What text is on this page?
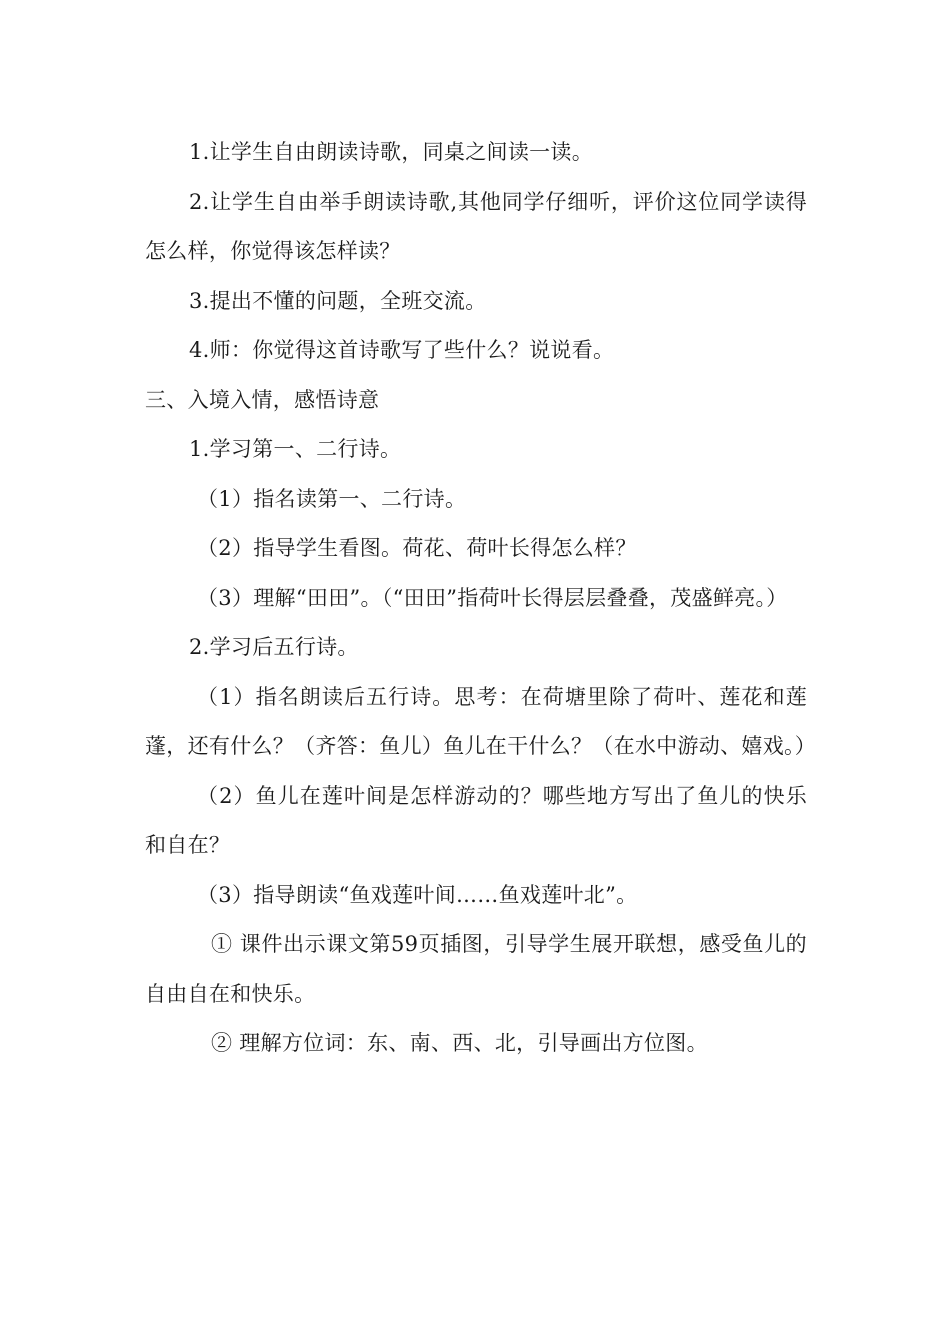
1.让学生自由朗读诗歌，同桌之间读一读。

2.让学生自由举手朗读诗歌,其他同学仔细听，评价这位同学读得怎么样，你觉得该怎样读？

3.提出不懂的问题，全班交流。

4.师：你觉得这首诗歌写了些什么？说说看。

三、入境入情，感悟诗意

1.学习第一、二行诗。

（1）指名读第一、二行诗。

（2）指导学生看图。荷花、荷叶长得怎么样？

（3）理解“田田”。（“田田”指荷叶长得层层叠叠，茂盛鲜亮。）

2.学习后五行诗。

（1）指名朗读后五行诗。思考：在荷塘里除了荷叶、莲花和莲蓬，还有什么？（齐答：鱼儿）鱼儿在干什么？（在水中游动、嬉戏。）

（2）鱼儿在莲叶间是怎样游动的？哪些地方写出了鱼儿的快乐和自在？

（3）指导朗读“鱼戏莲叶间……鱼戏莲叶北”。

① 课件出示课文第59页插图，引导学生展开联想，感受鱼儿的自由自在和快乐。

② 理解方位词：东、南、西、北，引导画出方位图。
